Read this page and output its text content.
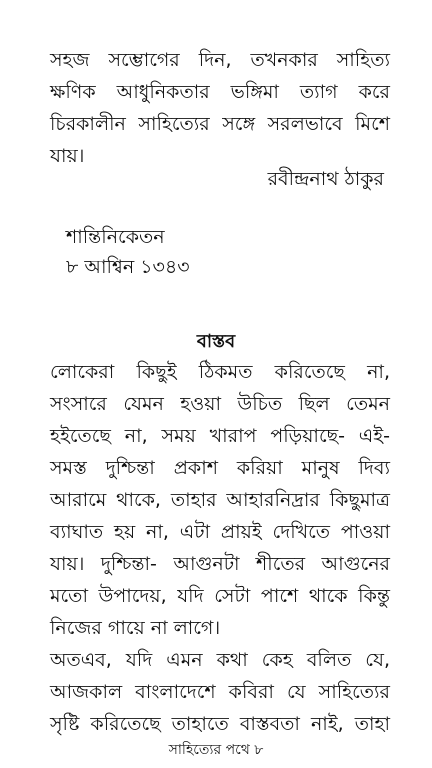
সহজ সম্ভোগের দিন, তখনকার সাহিত্য
ক্ষণিক আধুনিকতার ভঙ্গিমা ত্যাগ করে
চিরকালীন সাহিত্যের সঙ্গে সরলভাবে মিশে
যায়।
রবীন্দ্রনাথ ঠাকুর
শান্তিনিকেতন
৮ আশ্বিন ১৩৪৩
বাস্তব
লোকেরা কিছুই ঠিকমত করিতেছে না,
সংসারে যেমন হওয়া উচিত ছিল তেমন
হইতেছে না, সময় খারাপ পড়িয়াছে- এই-
সমস্ত দুশ্চিন্তা প্রকাশ করিয়া মানুষ দিব্য
আরামে থাকে, তাহার আহারনিদ্রার কিছুমাত্র
ব্যাঘাত হয় না, এটা প্রায়ই দেখিতে পাওয়া
যায়। দুশ্চিন্তা- আগুনটা শীতের আগুনের
মতো উপাদেয়, যদি সেটা পাশে থাকে কিন্তু
নিজের গায়ে না লাগে।
অতএব, যদি এমন কথা কেহ বলিত যে,
আজকাল বাংলাদেশে কবিরা যে সাহিত্যের
সৃষ্টি করিতেছে তাহাতে বাস্তবতা নাই, তাহা
সাহিত্যের পথে ৮
